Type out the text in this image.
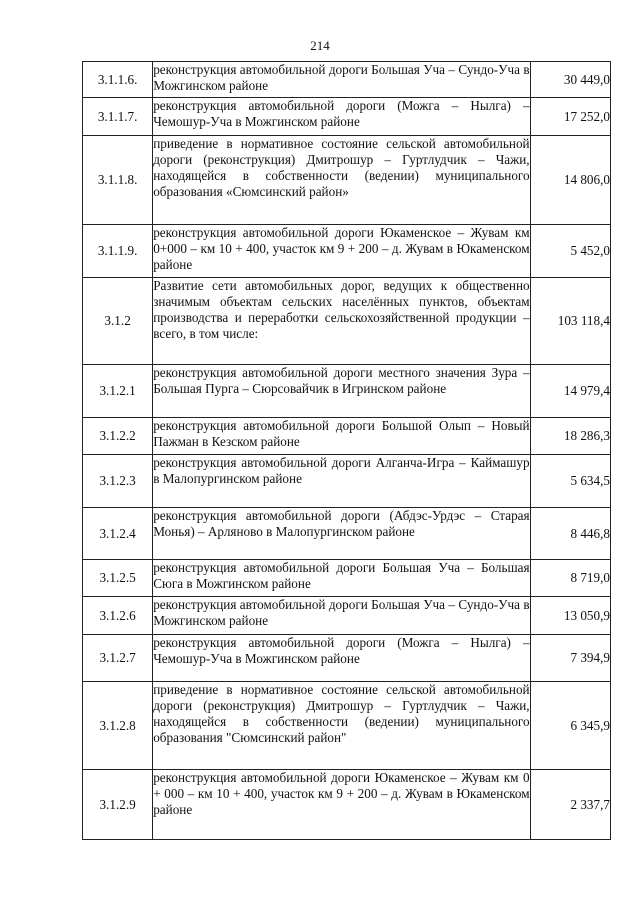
214
3.1.1.6.	реконструкция автомобильной дороги Большая Уча – Сундо-Уча в Можгинском районе	30 449,0
3.1.1.7.	реконструкция автомобильной дороги (Можга – Нылга) – Чемошур-Уча в Можгинском районе	17 252,0
3.1.1.8.	приведение в нормативное состояние сельской автомобильной дороги (реконструкция) Дмитрошур – Гуртлудчик – Чажи, находящейся в собственности (ведении) муниципального образования «Сюмсинский район»	14 806,0
3.1.1.9.	реконструкция автомобильной дороги Юкаменское – Жувам км 0+000 – км 10 + 400, участок км 9 + 200 – д. Жувам в Юкаменском районе	5 452,0
3.1.2	Развитие сети автомобильных дорог, ведущих к общественно значимым объектам сельских населённых пунктов, объектам производства и переработки сельскохозяйственной продукции – всего, в том числе:	103 118,4
3.1.2.1	реконструкция автомобильной дороги местного значения Зура – Большая Пурга – Сюрсовайчик в Игринском районе	14 979,4
3.1.2.2	реконструкция автомобильной дороги Большой Олып – Новый Пажман в Кезском районе	18 286,3
3.1.2.3	реконструкция автомобильной дороги Алганча-Игра – Каймашур в Малопургинском районе	5 634,5
3.1.2.4	реконструкция автомобильной дороги (Абдэс-Урдэс – Старая Монья) – Арляново в Малопургинском районе	8 446,8
3.1.2.5	реконструкция автомобильной дороги Большая Уча – Большая Сюга в Можгинском районе	8 719,0
3.1.2.6	реконструкция автомобильной дороги Большая Уча – Сундо-Уча в Можгинском районе	13 050,9
3.1.2.7	реконструкция автомобильной дороги (Можга – Нылга) – Чемошур-Уча в Можгинском районе	7 394,9
3.1.2.8	приведение в нормативное состояние сельской автомобильной дороги (реконструкция) Дмитрошур – Гуртлудчик – Чажи, находящейся в собственности (ведении) муниципального образования "Сюмсинский район"	6 345,9
3.1.2.9	реконструкция автомобильной дороги Юкаменское – Жувам км 0 + 000 – км 10 + 400, участок км 9 + 200 – д. Жувам в Юкаменском районе	2 337,7
